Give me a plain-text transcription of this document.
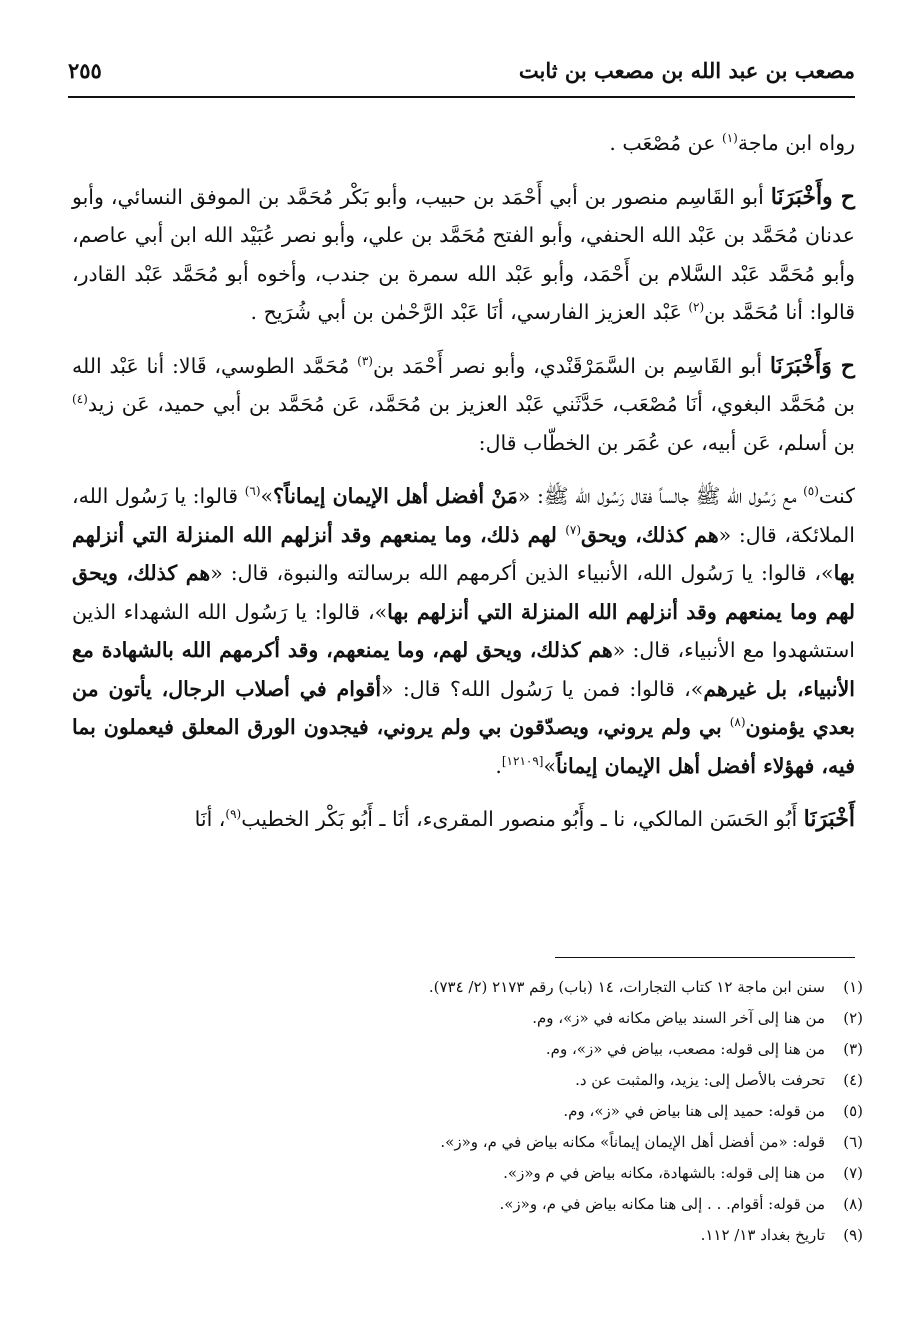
مصعب بن عبد الله بن مصعب بن ثابت
٢٥٥

رواه ابن ماجة$^{(١)}$ عن مُصْعَب .

ح وأَخْبَرَنَا أبو القَاسِم منصور بن أبي أَحْمَد بن حبيب، وأبو بَكْر مُحَمَّد بن الموفق النسائي، وأبو عدنان مُحَمَّد بن عَبْد الله الحنفي، وأبو الفتح مُحَمَّد بن علي، وأبو نصر عُبَيْد الله ابن أبي عاصم، وأبو مُحَمَّد عَبْد السَّلام بن أَحْمَد، وأبو عَبْد الله سمرة بن جندب، وأخوه أبو مُحَمَّد عَبْد القادر، قالوا: أنا مُحَمَّد بن$^{(٢)}$ عَبْد العزيز الفارسي، أنَا عَبْد الرَّحْمٰن بن أبي شُرَيح .

ح وَأَخْبَرَنَا أبو القَاسِم بن السَّمَرْقَنْدي، وأبو نصر أَحْمَد بن$^{(٣)}$ مُحَمَّد الطوسي، قَالا: أنا عَبْد الله بن مُحَمَّد البغوي، أنَا مُصْعَب، حَدَّثَني عَبْد العزيز بن مُحَمَّد، عَن مُحَمَّد بن أبي حميد، عَن زيد$^{(٤)}$ بن أسلم، عَن أبيه، عن عُمَر بن الخطّاب قال:

كنت$^{(٥)}$ مع رَسُول الله ﷺ جالساً فقال رَسُول الله ﷺ: «مَنْ أفضل أهل الإيمان إيماناً؟»$^{(٦)}$ قالوا: يا رَسُول الله، الملائكة، قال: «هم كذلك، ويحق$^{(٧)}$ لهم ذلك، وما يمنعهم وقد أنزلهم الله المنزلة التي أنزلهم بها»، قالوا: يا رَسُول الله، الأنبياء الذين أكرمهم الله برسالته والنبوة، قال: «هم كذلك، ويحق لهم وما يمنعهم وقد أنزلهم الله المنزلة التي أنزلهم بها»، قالوا: يا رَسُول الله الشهداء الذين استشهدوا مع الأنبياء، قال: «هم كذلك، ويحق لهم، وما يمنعهم، وقد أكرمهم الله بالشهادة مع الأنبياء، بل غيرهم»، قالوا: فمن يا رَسُول الله؟ قال: «أقوام في أصلاب الرجال، يأتون من بعدي يؤمنون$^{(٨)}$ بي ولم يروني، ويصدّقون بي ولم يروني، فيجدون الورق المعلق فيعملون بما فيه، فهؤلاء أفضل أهل الإيمان إيماناً»[١٢١٠٩].

أَخْبَرَنَا أَبُو الحَسَن المالكي، نا ـ وأَبُو منصور المقرىء، أنَا ـ أَبُو بَكْر الخطيب$^{(٩)}$، أنَا

(١)
سنن ابن ماجة ١٢ كتاب التجارات، ١٤ (باب) رقم ٢١٧٣ (٢/ ٧٣٤).
(٢)
من هنا إلى آخر السند بياض مكانه في «ز»، وم.
(٣)
من هنا إلى قوله: مصعب، بياض في «ز»، وم.
(٤)
تحرفت بالأصل إلى: يزيد، والمثبت عن د.
(٥)
من قوله: حميد إلى هنا بياض في «ز»، وم.
(٦)
قوله: «من أفضل أهل الإيمان إيماناً» مكانه بياض في م، و«ز».
(٧)
من هنا إلى قوله: بالشهادة، مكانه بياض في م و«ز».
(٨)
من قوله: أقوام. . . إلى هنا مكانه بياض في م، و«ز».
(٩)
تاريخ بغداد ١٣/ ١١٢.
